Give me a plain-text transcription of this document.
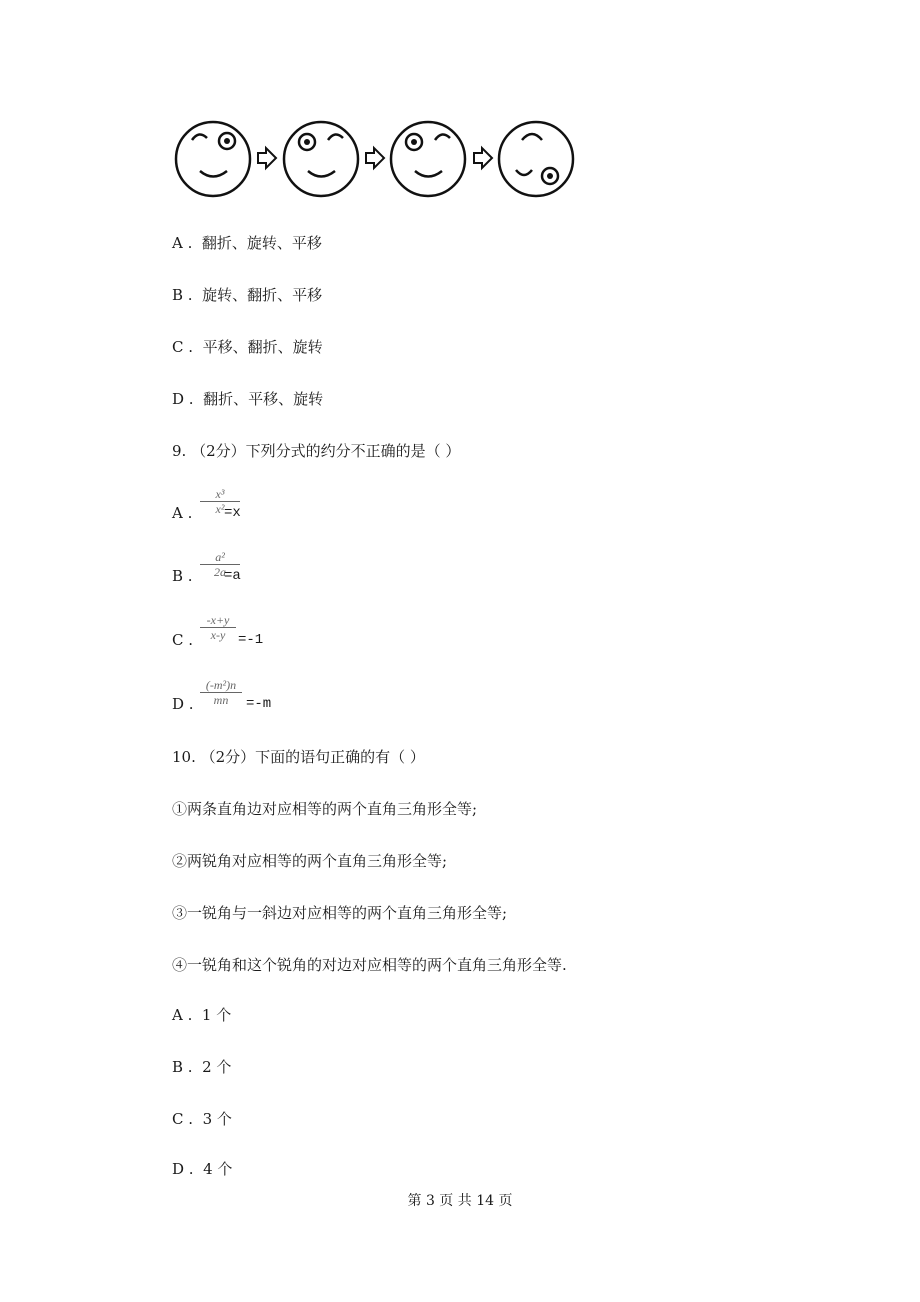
A . 翻折、旋转、平移
B . 旋转、翻折、平移
C . 平移、翻折、旋转
D . 翻折、平移、旋转
9. （2分）下列分式的约分不正确的是（ ）
A .
x³
x² =x
B .
a²
2a
=a
C .
-x+y
x-y =-1
D .
(-m²)n
mn =-m
10. （2分）下面的语句正确的有（ ）
①两条直角边对应相等的两个直角三角形全等;
②两锐角对应相等的两个直角三角形全等;
③一锐角与一斜边对应相等的两个直角三角形全等;
④一锐角和这个锐角的对边对应相等的两个直角三角形全等.
A . 1 个
B . 2 个
C . 3 个
D . 4 个
第 3 页 共 14 页
